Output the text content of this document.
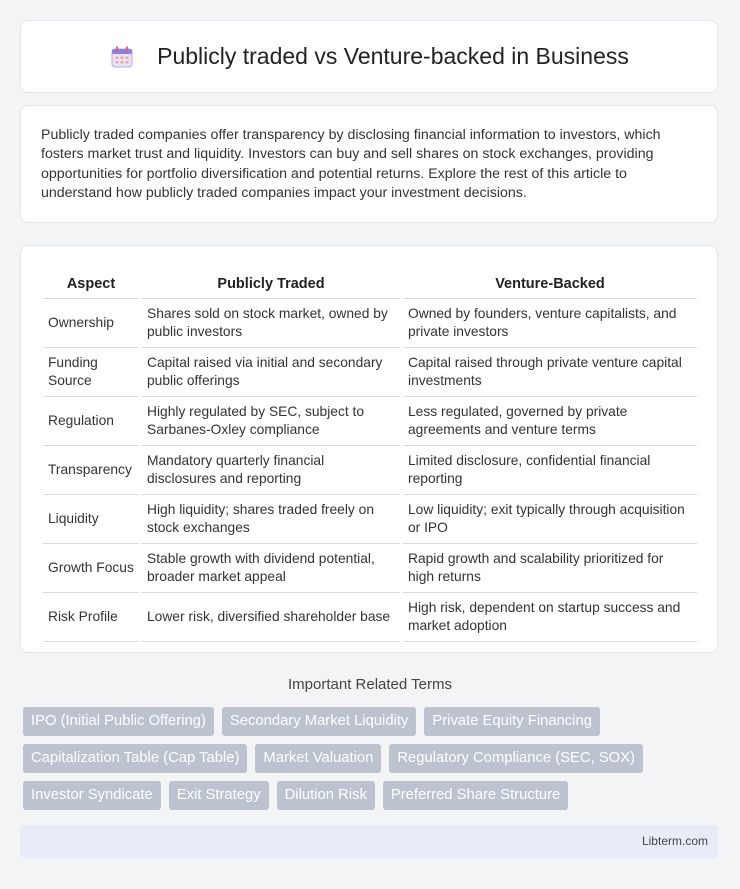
Publicly traded vs Venture-backed in Business

Publicly traded companies offer transparency by disclosing financial information to investors, which fosters market trust and liquidity. Investors can buy and sell shares on stock exchanges, providing opportunities for portfolio diversification and potential returns. Explore the rest of this article to understand how publicly traded companies impact your investment decisions.

Aspect	Publicly Traded	Venture-Backed
Ownership	Shares sold on stock market, owned by public investors	Owned by founders, venture capitalists, and private investors
Funding Source	Capital raised via initial and secondary public offerings	Capital raised through private venture capital investments
Regulation	Highly regulated by SEC, subject to Sarbanes-Oxley compliance	Less regulated, governed by private agreements and venture terms
Transparency	Mandatory quarterly financial disclosures and reporting	Limited disclosure, confidential financial reporting
Liquidity	High liquidity; shares traded freely on stock exchanges	Low liquidity; exit typically through acquisition or IPO
Growth Focus	Stable growth with dividend potential, broader market appeal	Rapid growth and scalability prioritized for high returns
Risk Profile	Lower risk, diversified shareholder base	High risk, dependent on startup success and market adoption
Important Related Terms
IPO (Initial Public Offering)	Secondary Market Liquidity	Private Equity Financing
Capitalization Table (Cap Table)	Market Valuation	Regulatory Compliance (SEC, SOX)
Investor Syndicate	Exit Strategy	Dilution Risk	Preferred Share Structure
Libterm.com
